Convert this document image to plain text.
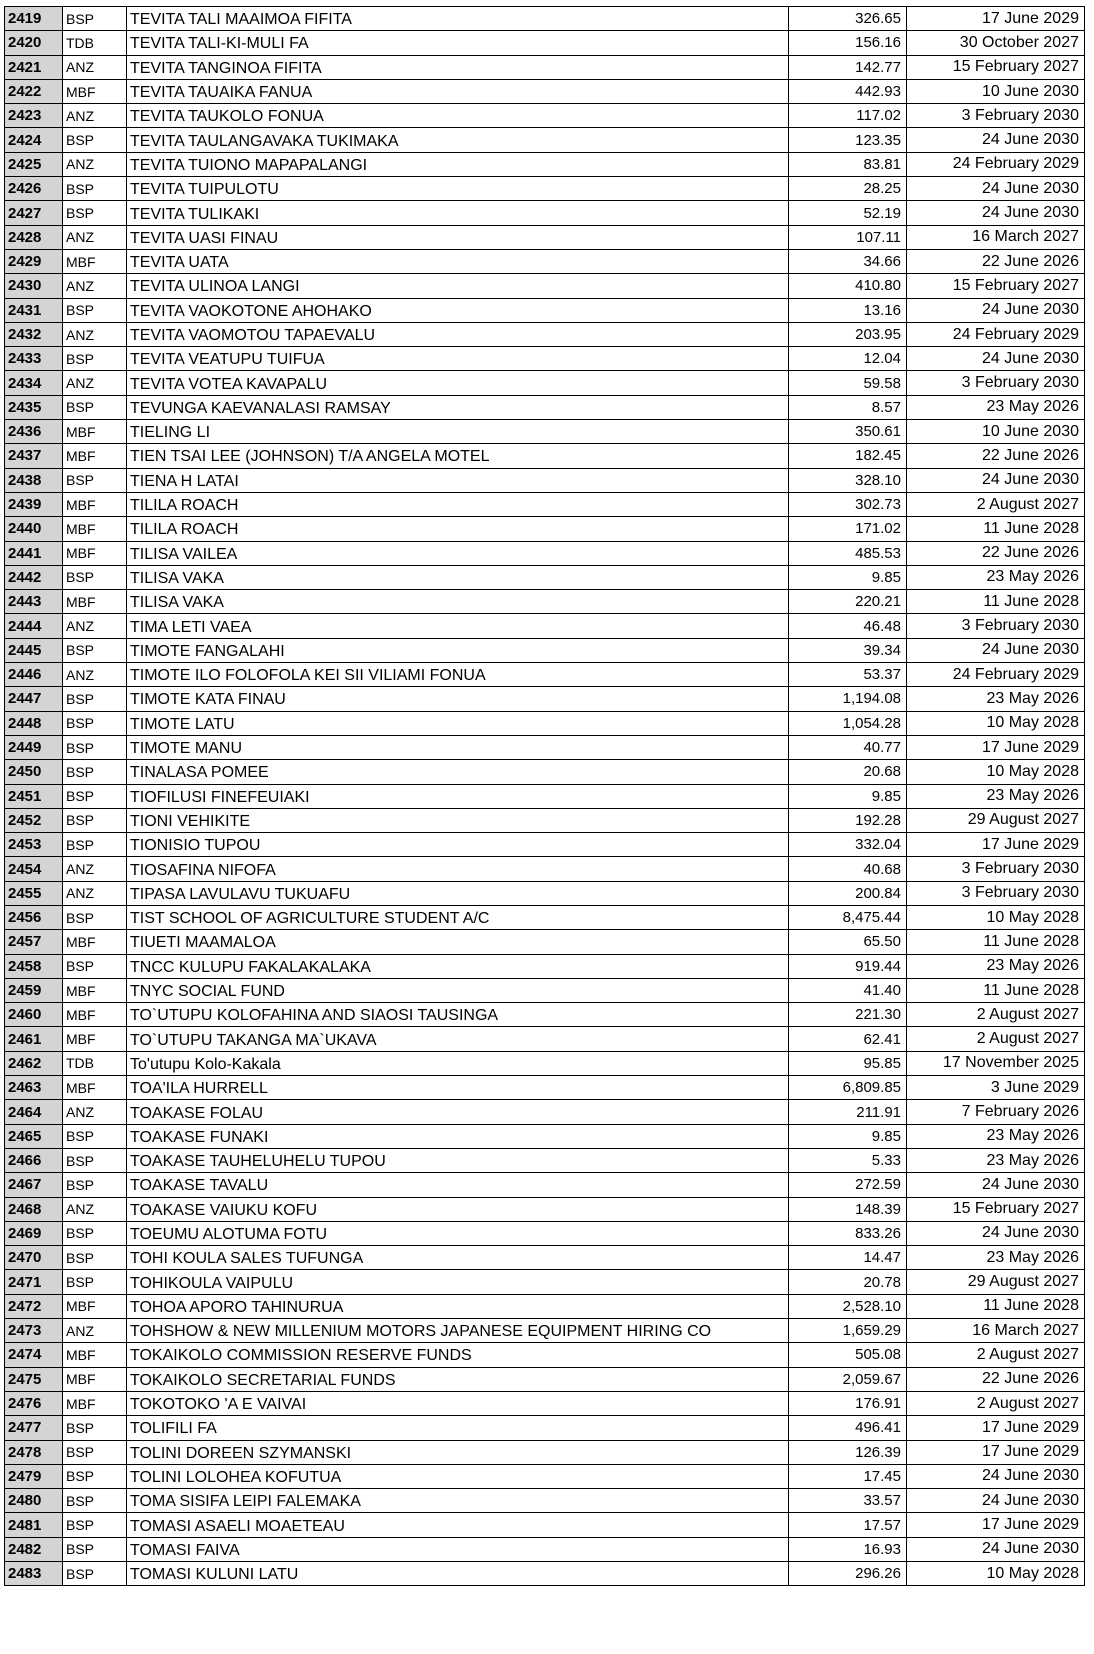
2419	BSP	TEVITA TALI MAAIMOA FIFITA	326.65	17 June 2029
2420	TDB	TEVITA TALI-KI-MULI FA	156.16	30 October 2027
2421	ANZ	TEVITA TANGINOA FIFITA	142.77	15 February 2027
2422	MBF	TEVITA TAUAIKA FANUA	442.93	10 June 2030
2423	ANZ	TEVITA TAUKOLO FONUA	117.02	3 February 2030
2424	BSP	TEVITA TAULANGAVAKA TUKIMAKA	123.35	24 June 2030
2425	ANZ	TEVITA TUIONO MAPAPALANGI	83.81	24 February 2029
2426	BSP	TEVITA TUIPULOTU	28.25	24 June 2030
2427	BSP	TEVITA TULIKAKI	52.19	24 June 2030
2428	ANZ	TEVITA UASI FINAU	107.11	16 March 2027
2429	MBF	TEVITA UATA	34.66	22 June 2026
2430	ANZ	TEVITA ULINOA LANGI	410.80	15 February 2027
2431	BSP	TEVITA VAOKOTONE AHOHAKO	13.16	24 June 2030
2432	ANZ	TEVITA VAOMOTOU TAPAEVALU	203.95	24 February 2029
2433	BSP	TEVITA VEATUPU TUIFUA	12.04	24 June 2030
2434	ANZ	TEVITA VOTEA KAVAPALU	59.58	3 February 2030
2435	BSP	TEVUNGA KAEVANALASI RAMSAY	8.57	23 May 2026
2436	MBF	TIELING LI	350.61	10 June 2030
2437	MBF	TIEN TSAI LEE (JOHNSON) T/A ANGELA MOTEL	182.45	22 June 2026
2438	BSP	TIENA H LATAI	328.10	24 June 2030
2439	MBF	TILILA ROACH	302.73	2 August 2027
2440	MBF	TILILA ROACH	171.02	11 June 2028
2441	MBF	TILISA VAILEA	485.53	22 June 2026
2442	BSP	TILISA VAKA	9.85	23 May 2026
2443	MBF	TILISA VAKA	220.21	11 June 2028
2444	ANZ	TIMA LETI VAEA	46.48	3 February 2030
2445	BSP	TIMOTE FANGALAHI	39.34	24 June 2030
2446	ANZ	TIMOTE ILO FOLOFOLA KEI SII VILIAMI FONUA	53.37	24 February 2029
2447	BSP	TIMOTE KATA FINAU	1,194.08	23 May 2026
2448	BSP	TIMOTE LATU	1,054.28	10 May 2028
2449	BSP	TIMOTE MANU	40.77	17 June 2029
2450	BSP	TINALASA POMEE	20.68	10 May 2028
2451	BSP	TIOFILUSI FINEFEUIAKI	9.85	23 May 2026
2452	BSP	TIONI VEHIKITE	192.28	29 August 2027
2453	BSP	TIONISIO TUPOU	332.04	17 June 2029
2454	ANZ	TIOSAFINA NIFOFA	40.68	3 February 2030
2455	ANZ	TIPASA LAVULAVU TUKUAFU	200.84	3 February 2030
2456	BSP	TIST SCHOOL OF AGRICULTURE STUDENT A/C	8,475.44	10 May 2028
2457	MBF	TIUETI MAAMALOA	65.50	11 June 2028
2458	BSP	TNCC KULUPU FAKALAKALAKA	919.44	23 May 2026
2459	MBF	TNYC SOCIAL FUND	41.40	11 June 2028
2460	MBF	TO`UTUPU KOLOFAHINA AND SIAOSI TAUSINGA	221.30	2 August 2027
2461	MBF	TO`UTUPU TAKANGA MA`UKAVA	62.41	2 August 2027
2462	TDB	To'utupu Kolo-Kakala	95.85	17 November 2025
2463	MBF	TOA'ILA HURRELL	6,809.85	3 June 2029
2464	ANZ	TOAKASE FOLAU	211.91	7 February 2026
2465	BSP	TOAKASE FUNAKI	9.85	23 May 2026
2466	BSP	TOAKASE TAUHELUHELU TUPOU	5.33	23 May 2026
2467	BSP	TOAKASE TAVALU	272.59	24 June 2030
2468	ANZ	TOAKASE VAIUKU KOFU	148.39	15 February 2027
2469	BSP	TOEUMU ALOTUMA FOTU	833.26	24 June 2030
2470	BSP	TOHI KOULA SALES TUFUNGA	14.47	23 May 2026
2471	BSP	TOHIKOULA VAIPULU	20.78	29 August 2027
2472	MBF	TOHOA APORO TAHINURUA	2,528.10	11 June 2028
2473	ANZ	TOHSHOW & NEW MILLENIUM MOTORS JAPANESE EQUIPMENT HIRING CO	1,659.29	16 March 2027
2474	MBF	TOKAIKOLO COMMISSION RESERVE FUNDS	505.08	2 August 2027
2475	MBF	TOKAIKOLO SECRETARIAL FUNDS	2,059.67	22 June 2026
2476	MBF	TOKOTOKO 'A E VAIVAI	176.91	2 August 2027
2477	BSP	TOLIFILI FA	496.41	17 June 2029
2478	BSP	TOLINI DOREEN SZYMANSKI	126.39	17 June 2029
2479	BSP	TOLINI LOLOHEA KOFUTUA	17.45	24 June 2030
2480	BSP	TOMA SISIFA LEIPI FALEMAKA	33.57	24 June 2030
2481	BSP	TOMASI ASAELI MOAETEAU	17.57	17 June 2029
2482	BSP	TOMASI FAIVA	16.93	24 June 2030
2483	BSP	TOMASI KULUNI LATU	296.26	10 May 2028
